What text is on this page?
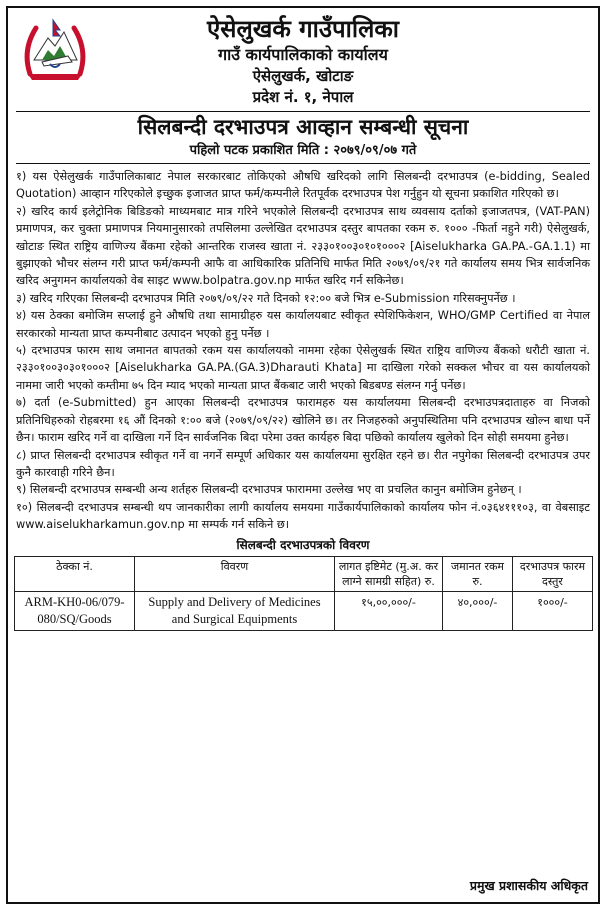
ऐसेलुखर्क गाउँपालिका
गाउँ कार्यपालिकाको कार्यालय
ऐसेलुखर्क, खोटाङ
प्रदेश नं. १, नेपाल
सिलबन्दी दरभाउपत्र आव्हान सम्बन्धी सूचना
पहिलो पटक प्रकाशित मिति : २०७९/०९/०७ गते

१) यस ऐसेलुखर्क गाउँपालिकाबाट नेपाल सरकारबाट तोकिएको औषधि खरिदको लागि सिलबन्दी दरभाउपत्र (e-bidding, Sealed Quotation) आव्हान गरिएकोले इच्छुक इजाजत प्राप्त फर्म/कम्पनीले रितपूर्वक दरभाउपत्र पेश गर्नुहुन यो सूचना प्रकाशित गरिएको छ।

२) खरिद कार्य इलेट्रोनिक बिडिङको माध्यमबाट मात्र गरिने भएकोले सिलबन्दी दरभाउपत्र साथ व्यवसाय दर्ताको इजाजतपत्र, (VAT-PAN) प्रमाणपत्र, कर चुक्ता प्रमाणपत्र नियमानुसारको तपसिलमा उल्लेखित दरभाउपत्र दस्तुर बापतका रकम रु. १००० -फिर्ता नहुने गरी) ऐसेलुखर्क, खोटाङ स्थित राष्ट्रिय वाणिज्य बैंकमा रहेको आन्तरिक राजस्व खाता नं. २३३०१००३०१०१०००२ [Aiselukharka GA.PA.-GA.1.1) मा बुझाएको भौचर संलग्न गरी प्राप्त फर्म/कम्पनी आफै वा आधिकारिक प्रतिनिधि मार्फत मिति २०७९/०९/२१ गते कार्यालय समय भित्र सार्वजनिक खरिद अनुगमन कार्यालयको वेब साइट www.bolpatra.gov.np मार्फत खरिद गर्न सकिनेछ।

३) खरिद गरिएका सिलबन्दी दरभाउपत्र मिति २०७९/०९/२२ गते दिनको १२:०० बजे भित्र e-Submission गरिसक्नुपर्नेछ ।

४) यस ठेक्का बमोजिम सप्लाई हुने औषधि तथा सामाग्रीहरु यस कार्यालयबाट स्वीकृत स्पेशिफिकेशन, WHO/GMP Certified वा नेपाल सरकारको मान्यता प्राप्त कम्पनीबाट उत्पादन भएको हुनु पर्नेछ ।

५) दरभाउपत्र फारम साथ जमानत बापतको रकम यस कार्यालयको नाममा रहेका ऐसेलुखर्क स्थित राष्ट्रिय वाणिज्य बैंकको धरौटी खाता नं. २३३०१००३०३०१०००२ [Aiselukharka GA.PA.(GA.3)Dharauti Khata] मा दाखिला गरेको सक्कल भौचर वा यस कार्यालयको नाममा जारी भएको कम्तीमा ७५ दिन म्याद भएको मान्यता प्राप्त बैंकबाट जारी भएको बिडबण्ड संलग्न गर्नु पर्नेछ।

७) दर्ता (e-Submitted) हुन आएका सिलबन्दी दरभाउपत्र फारामहरु यस कार्यालयमा सिलबन्दी दरभाउपत्रदाताहरु वा निजको प्रतिनिधिहरुको रोहबरमा १६ औं दिनको १:०० बजे (२०७९/०९/२२) खोलिने छ। तर निजहरुको अनुपस्थितिमा पनि दरभाउपत्र खोल्न बाधा पर्ने छैन। फाराम खरिद गर्ने वा दाखिला गर्ने दिन सार्वजनिक बिदा परेमा उक्त कार्यहरु बिदा पछिको कार्यालय खुलेको दिन सोही समयमा हुनेछ।

८) प्राप्त सिलबन्दी दरभाउपत्र स्वीकृत गर्ने वा नगर्ने सम्पूर्ण अधिकार यस कार्यालयमा सुरक्षित रहने छ। रीत नपुगेका सिलबन्दी दरभाउपत्र उपर कुनै कारवाही गरिने छैन।

९) सिलबन्दी दरभाउपत्र सम्बन्धी अन्य शर्तहरु सिलबन्दी दरभाउपत्र फाराममा उल्लेख भए वा प्रचलित कानुन बमोजिम हुनेछन् ।

१०) सिलबन्दी दरभाउपत्र सम्बन्धी थप जानकारीका लागी कार्यालय समयमा गाउँकार्यपालिकाको कार्यालय फोन नं.०३६४१११०३, वा वेबसाइट www.aiselukharkamun.gov.np मा सम्पर्क गर्न सकिने छ।

सिलबन्दी दरभाउपत्रको विवरण
ठेक्का नं.	विवरण	लागत इष्टिमेट (मु.अ. कर लाग्ने सामग्री सहित) रु.	जमानत रकम रु.	दरभाउपत्र फारम दस्तुर
ARM-KH0-06/079-080/SQ/Goods	Supply and Delivery of Medicines and Surgical Equipments	१५,००,०००/-	४०,०००/-	१०००/-
प्रमुख प्रशासकीय अधिकृत
